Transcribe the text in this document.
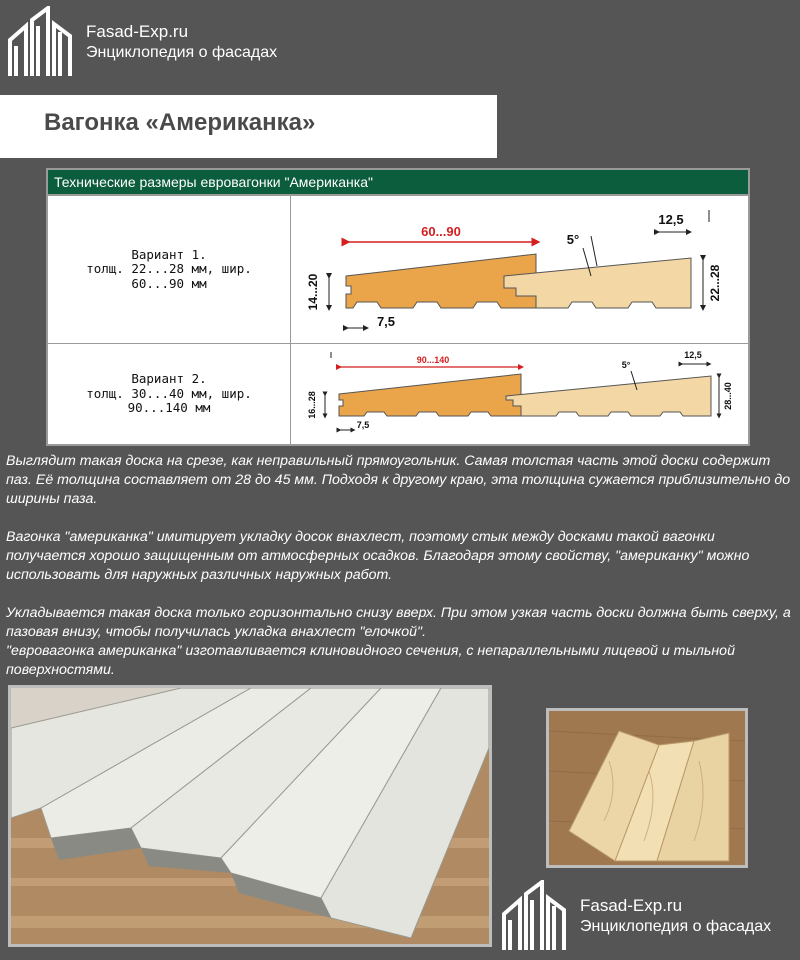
Fasad-Exp.ru
Энциклопедия о фасадах
Вагонка «Американка»
Технические размеры евровагонки "Американка"
Вариант 1.
толщ. 22...28 мм, шир.
60...90 мм
60...90
5°
12,5
22...28
14...20
7,5
Вариант 2.
толщ. 30...40 мм, шир.
90...140 мм
90...140	5°
12,5
28...40
16...28
7,5

Выглядит такая доска на срезе, как неправильный прямоугольник. Самая толстая часть этой доски содержит паз. Её толщина составляет от 28 до 45 мм. Подходя к другому краю, эта толщина сужается приблизительно до ширины паза.

Вагонка "американка" имитирует укладку досок внахлест, поэтому стык между досками такой вагонки получается хорошо защищенным от атмосферных осадков. Благодаря этому свойству, "американку" можно использовать для наружных различных наружных работ.

Укладывается такая доска только горизонтально снизу вверх. При этом узкая часть доски должна быть сверху, а пазовая внизу, чтобы получилась укладка внахлест "елочкой".

"евровагонка американка" изготавливается клиновидного сечения, с непараллельными лицевой и тыльной поверхностями.

Fasad-Exp.ru
Энциклопедия о фасадах
